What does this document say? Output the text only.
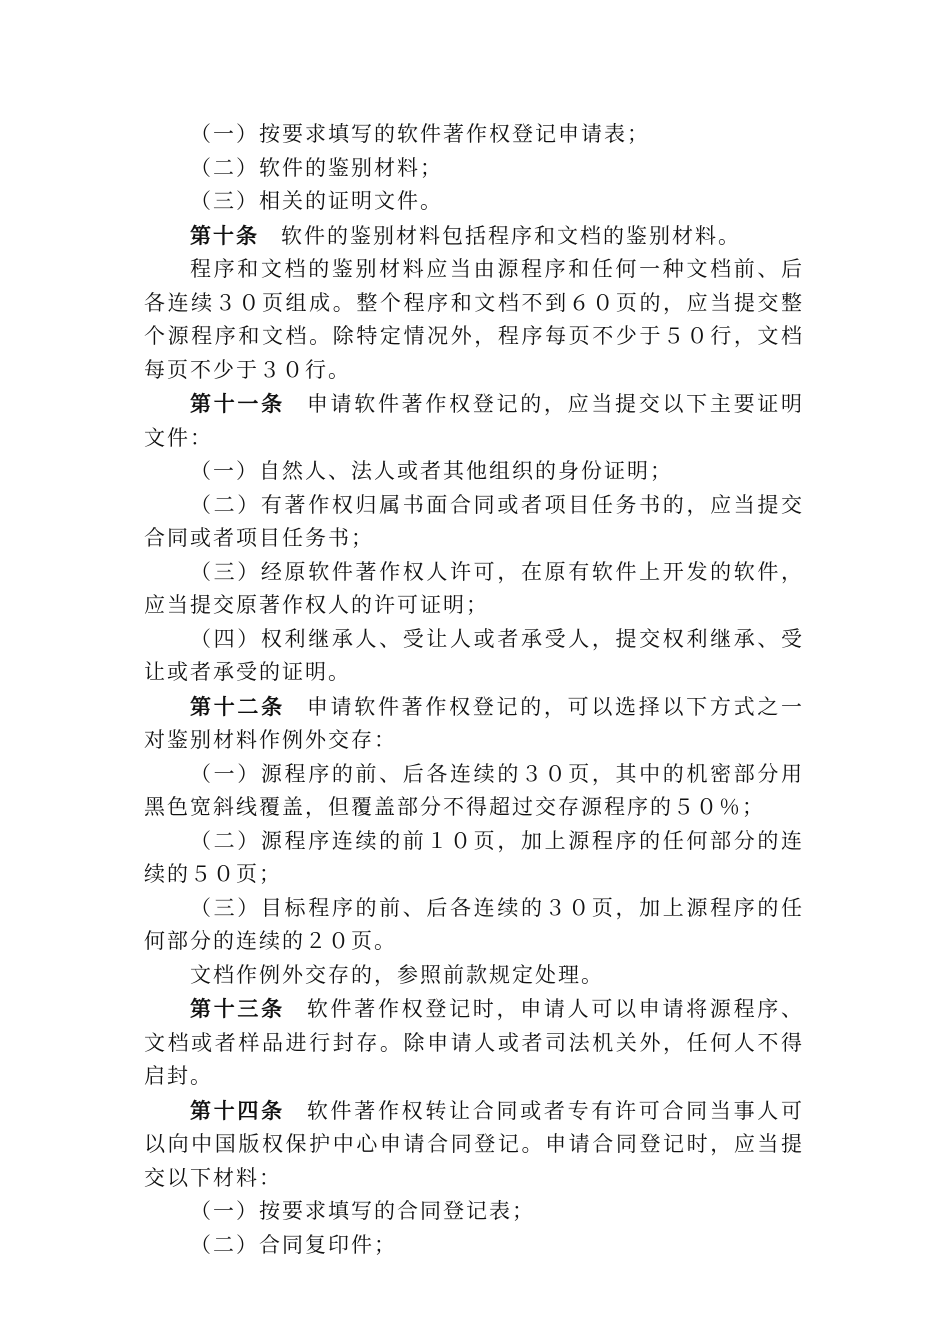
（一）按要求填写的软件著作权登记申请表；

（二）软件的鉴别材料；

（三）相关的证明文件。

第十条 软件的鉴别材料包括程序和文档的鉴别材料。

程序和文档的鉴别材料应当由源程序和任何一种文档前、后各连续３０页组成。整个程序和文档不到６０页的，应当提交整个源程序和文档。除特定情况外，程序每页不少于５０行，文档每页不少于３０行。

第十一条 申请软件著作权登记的，应当提交以下主要证明文件：

（一）自然人、法人或者其他组织的身份证明；

（二）有著作权归属书面合同或者项目任务书的，应当提交合同或者项目任务书；

（三）经原软件著作权人许可，在原有软件上开发的软件，应当提交原著作权人的许可证明；

（四）权利继承人、受让人或者承受人，提交权利继承、受让或者承受的证明。

第十二条 申请软件著作权登记的，可以选择以下方式之一对鉴别材料作例外交存：

（一）源程序的前、后各连续的３０页，其中的机密部分用黑色宽斜线覆盖，但覆盖部分不得超过交存源程序的５０％；

（二）源程序连续的前１０页，加上源程序的任何部分的连续的５０页；

（三）目标程序的前、后各连续的３０页，加上源程序的任何部分的连续的２０页。

文档作例外交存的，参照前款规定处理。

第十三条 软件著作权登记时，申请人可以申请将源程序、文档或者样品进行封存。除申请人或者司法机关外，任何人不得启封。

第十四条 软件著作权转让合同或者专有许可合同当事人可以向中国版权保护中心申请合同登记。申请合同登记时，应当提交以下材料：

（一）按要求填写的合同登记表；

（二）合同复印件；
